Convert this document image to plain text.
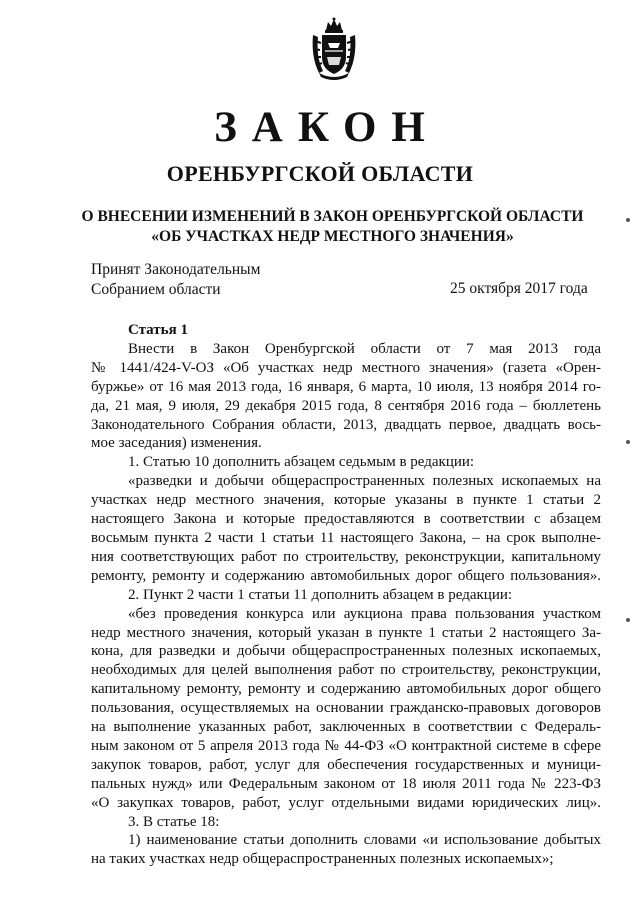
ЗАКОН
ОРЕНБУРГСКОЙ ОБЛАСТИ
О ВНЕСЕНИИ ИЗМЕНЕНИЙ В ЗАКОН ОРЕНБУРГСКОЙ ОБЛАСТИ
«ОБ УЧАСТКАХ НЕДР МЕСТНОГО ЗНАЧЕНИЯ»
Принят Законодательным
Собранием области	25 октября 2017 года
Статья 1
Внести в Закон Оренбургской области от 7 мая 2013 года
№ 1441/424-V-ОЗ «Об участках недр местного значения» (газета «Орен-
буржье» от 16 мая 2013 года, 16 января, 6 марта, 10 июля, 13 ноября 2014 го-
да, 21 мая, 9 июля, 29 декабря 2015 года, 8 сентября 2016 года – бюллетень
Законодательного Собрания области, 2013, двадцать первое, двадцать вось-
мое заседания) изменения.
1. Статью 10 дополнить абзацем седьмым в редакции:
«разведки и добычи общераспространенных полезных ископаемых на
участках недр местного значения, которые указаны в пункте 1 статьи 2
настоящего Закона и которые предоставляются в соответствии с абзацем
восьмым пункта 2 части 1 статьи 11 настоящего Закона, – на срок выполне-
ния соответствующих работ по строительству, реконструкции, капитальному
ремонту, ремонту и содержанию автомобильных дорог общего пользования».
2. Пункт 2 части 1 статьи 11 дополнить абзацем в редакции:
«без проведения конкурса или аукциона права пользования участком
недр местного значения, который указан в пункте 1 статьи 2 настоящего За-
кона, для разведки и добычи общераспространенных полезных ископаемых,
необходимых для целей выполнения работ по строительству, реконструкции,
капитальному ремонту, ремонту и содержанию автомобильных дорог общего
пользования, осуществляемых на основании гражданско-правовых договоров
на выполнение указанных работ, заключенных в соответствии с Федераль-
ным законом от 5 апреля 2013 года № 44-ФЗ «О контрактной системе в сфере
закупок товаров, работ, услуг для обеспечения государственных и муници-
пальных нужд» или Федеральным законом от 18 июля 2011 года № 223-ФЗ
«О закупках товаров, работ, услуг отдельными видами юридических лиц».
3. В статье 18:
1) наименование статьи дополнить словами «и использование добытых
на таких участках недр общераспространенных полезных ископаемых»;
